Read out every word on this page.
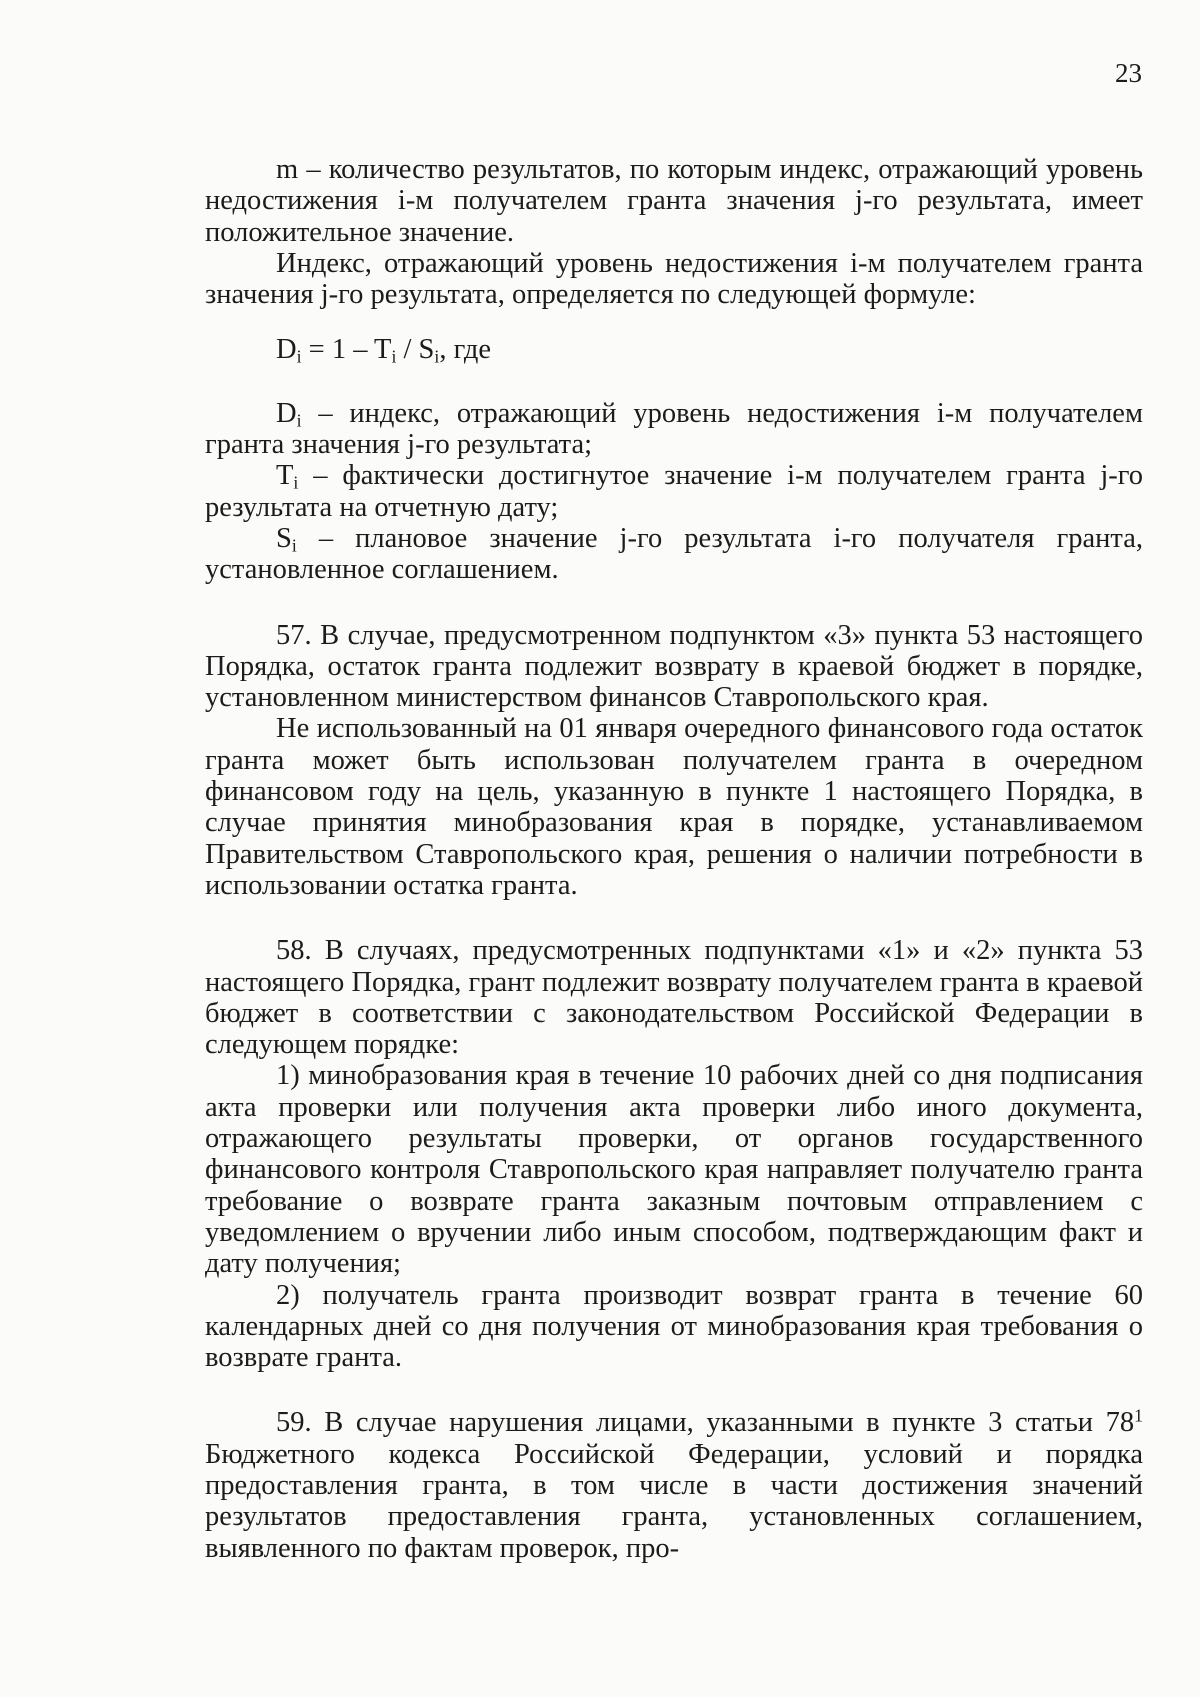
23

m – количество результатов, по которым индекс, отражающий уровень недостижения i-м получателем гранта значения j-го результата, имеет положительное значение.

Индекс, отражающий уровень недостижения i-м получателем гранта значения j-го результата, определяется по следующей формуле:

$D_i = 1 - T_i / S_i$, где

$D_i$ – индекс, отражающий уровень недостижения i-м получателем гранта значения j-го результата;

$T_i$ – фактически достигнутое значение i-м получателем гранта j-го результата на отчетную дату;

$S_i$ – плановое значение j-го результата i-го получателя гранта, установленное соглашением.

57. В случае, предусмотренном подпунктом «3» пункта 53 настоящего Порядка, остаток гранта подлежит возврату в краевой бюджет в порядке, установленном министерством финансов Ставропольского края.

Не использованный на 01 января очередного финансового года остаток гранта может быть использован получателем гранта в очередном финансовом году на цель, указанную в пункте 1 настоящего Порядка, в случае принятия минобразования края в порядке, устанавливаемом Правительством Ставропольского края, решения о наличии потребности в использовании остатка гранта.

58. В случаях, предусмотренных подпунктами «1» и «2» пункта 53 настоящего Порядка, грант подлежит возврату получателем гранта в краевой бюджет в соответствии с законодательством Российской Федерации в следующем порядке:

1) минобразования края в течение 10 рабочих дней со дня подписания акта проверки или получения акта проверки либо иного документа, отражающего результаты проверки, от органов государственного финансового контроля Ставропольского края направляет получателю гранта требование о возврате гранта заказным почтовым отправлением с уведомлением о вручении либо иным способом, подтверждающим факт и дату получения;

2) получатель гранта производит возврат гранта в течение 60 календарных дней со дня получения от минобразования края требования о возврате гранта.

59. В случае нарушения лицами, указанными в пункте 3 статьи $78^1$ Бюджетного кодекса Российской Федерации, условий и порядка предоставления гранта, в том числе в части достижения значений результатов предоставления гранта, установленных соглашением, выявленного по фактам проверок, про-
